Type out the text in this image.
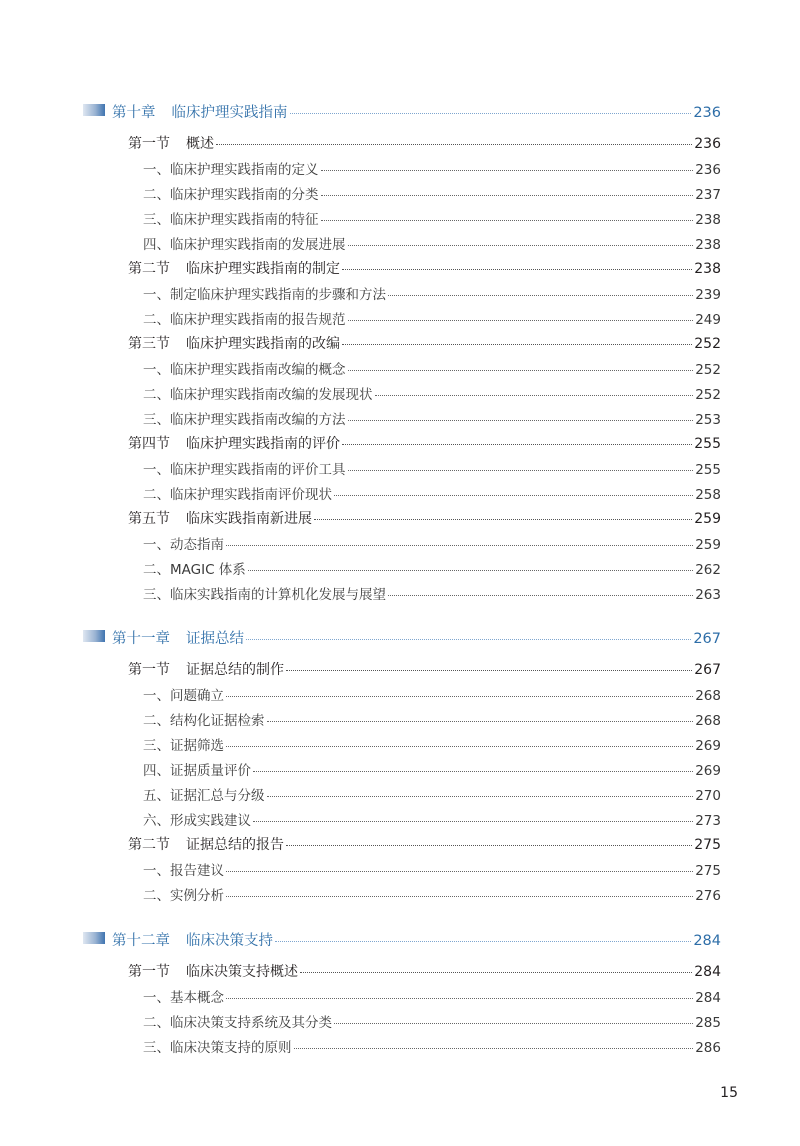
第十章 临床护理实践指南	236
第一节 概述	236
一、临床护理实践指南的定义	236
二、临床护理实践指南的分类	237
三、临床护理实践指南的特征	238
四、临床护理实践指南的发展进展	238
第二节 临床护理实践指南的制定	238
一、制定临床护理实践指南的步骤和方法	239
二、临床护理实践指南的报告规范	249
第三节 临床护理实践指南的改编	252
一、临床护理实践指南改编的概念	252
二、临床护理实践指南改编的发展现状	252
三、临床护理实践指南改编的方法	253
第四节 临床护理实践指南的评价	255
一、临床护理实践指南的评价工具	255
二、临床护理实践指南评价现状	258
第五节 临床实践指南新进展	259
一、动态指南	259
二、MAGIC 体系	262
三、临床实践指南的计算机化发展与展望	263
第十一章 证据总结	267
第一节 证据总结的制作	267
一、问题确立	268
二、结构化证据检索	268
三、证据筛选	269
四、证据质量评价	269
五、证据汇总与分级	270
六、形成实践建议	273
第二节 证据总结的报告	275
一、报告建议	275
二、实例分析	276
第十二章 临床决策支持	284
第一节 临床决策支持概述	284
一、基本概念	284
二、临床决策支持系统及其分类	285
三、临床决策支持的原则	286
15
